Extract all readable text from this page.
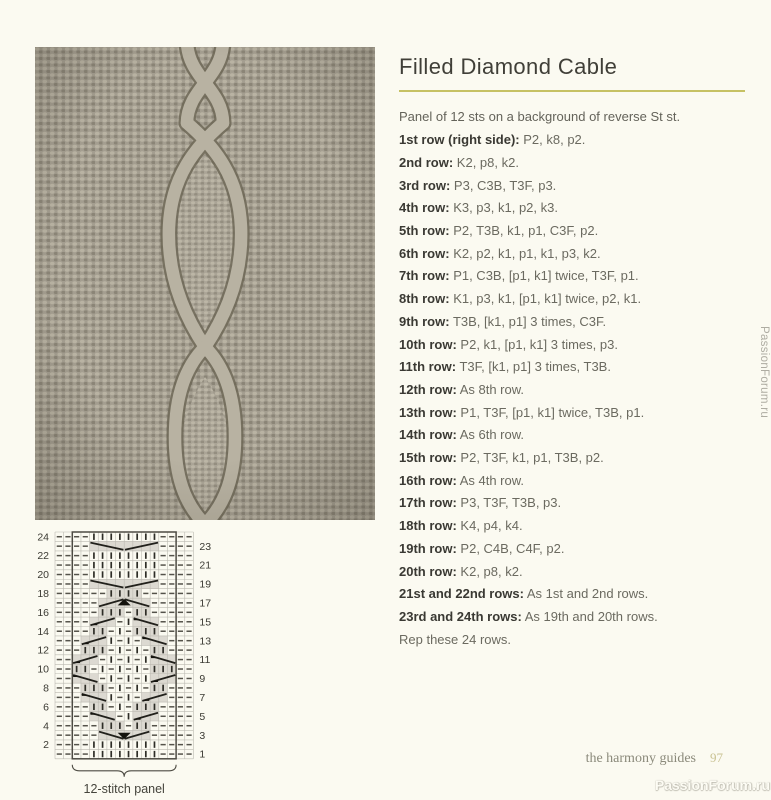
Filled Diamond Cable

Panel of 12 sts on a background of reverse St st.

1st row (right side): P2, k8, p2.
2nd row: K2, p8, k2.
3rd row: P3, C3B, T3F, p3.
4th row: K3, p3, k1, p2, k3.
5th row: P2, T3B, k1, p1, C3F, p2.
6th row: K2, p2, k1, p1, k1, p3, k2.
7th row: P1, C3B, [p1, k1] twice, T3F, p1.
8th row: K1, p3, k1, [p1, k1] twice, p2, k1.
9th row: T3B, [k1, p1] 3 times, C3F.
10th row: P2, k1, [p1, k1] 3 times, p3.
11th row: T3F, [k1, p1] 3 times, T3B.
12th row: As 8th row.
13th row: P1, T3F, [p1, k1] twice, T3B, p1.
14th row: As 6th row.
15th row: P2, T3F, k1, p1, T3B, p2.
16th row: As 4th row.
17th row: P3, T3F, T3B, p3.
18th row: K4, p4, k4.
19th row: P2, C4B, C4F, p2.
20th row: K2, p8, k2.
21st and 22nd rows: As 1st and 2nd rows.
23rd and 24th rows: As 19th and 20th rows.
Rep these 24 rows.
1
2
3
4
5
6
7
8
9
10
11
12
13
14
15
16
17
18
19
20
21
22
23
24
12-stitch panel
the harmony guides 97
PassionForum.ru
PassionForum.ru
